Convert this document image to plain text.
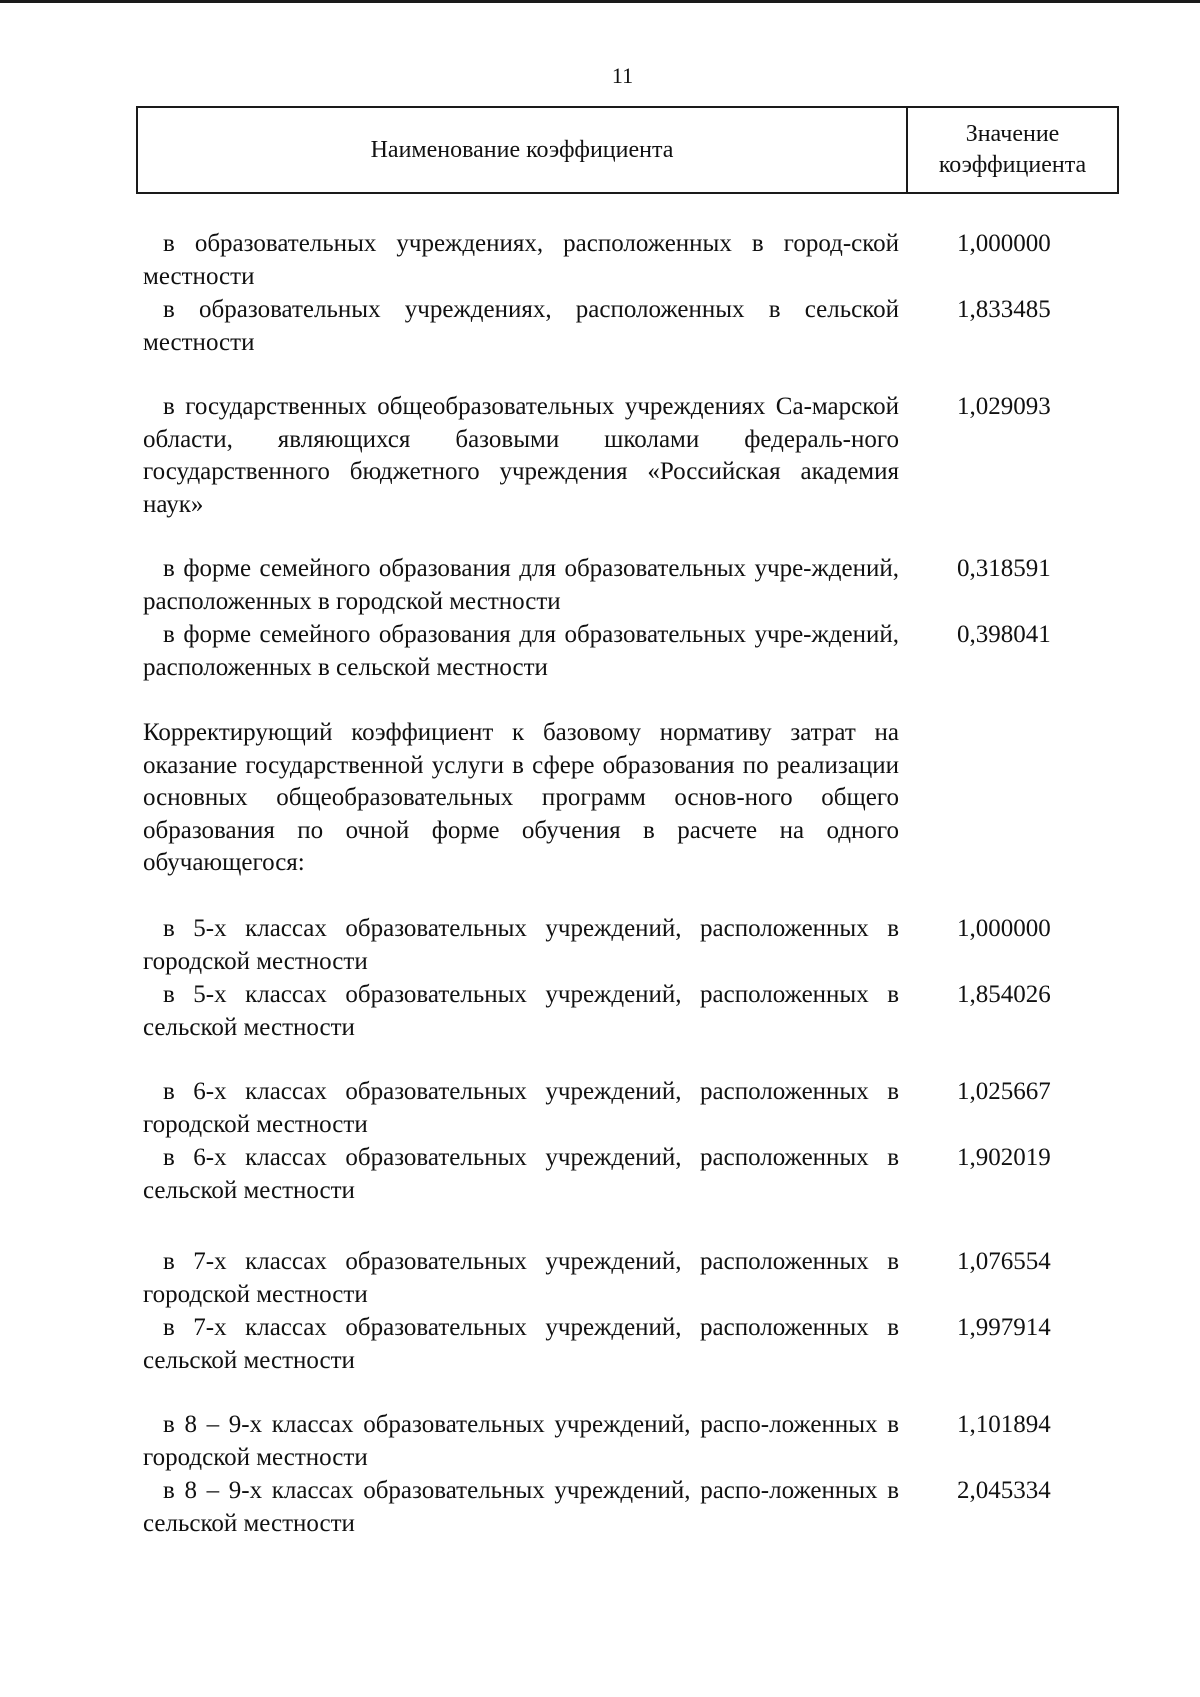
11
Наименование коэффициента
Значение
коэффициента
в образовательных учреждениях, расположенных в город-ской местности
1,000000
в образовательных учреждениях, расположенных в сельской местности
1,833485
в государственных общеобразовательных учреждениях Са-марской области, являющихся базовыми школами федераль-ного государственного бюджетного учреждения «Российская академия наук»
1,029093
в форме семейного образования для образовательных учре-ждений, расположенных в городской местности
0,318591
в форме семейного образования для образовательных учре-ждений, расположенных в сельской местности
0,398041
Корректирующий коэффициент к базовому нормативу затрат на оказание государственной услуги в сфере образования по реализации основных общеобразовательных программ основ-ного общего образования по очной форме обучения в расчете на одного обучающегося:
в 5-х классах образовательных учреждений, расположенных в городской местности
1,000000
в 5-х классах образовательных учреждений, расположенных в сельской местности
1,854026
в 6-х классах образовательных учреждений, расположенных в городской местности
1,025667
в 6-х классах образовательных учреждений, расположенных в сельской местности
1,902019
в 7-х классах образовательных учреждений, расположенных в городской местности
1,076554
в 7-х классах образовательных учреждений, расположенных в сельской местности
1,997914
в 8 – 9-х классах образовательных учреждений, распо-ложенных в городской местности
1,101894
в 8 – 9-х классах образовательных учреждений, распо-ложенных в сельской местности
2,045334
